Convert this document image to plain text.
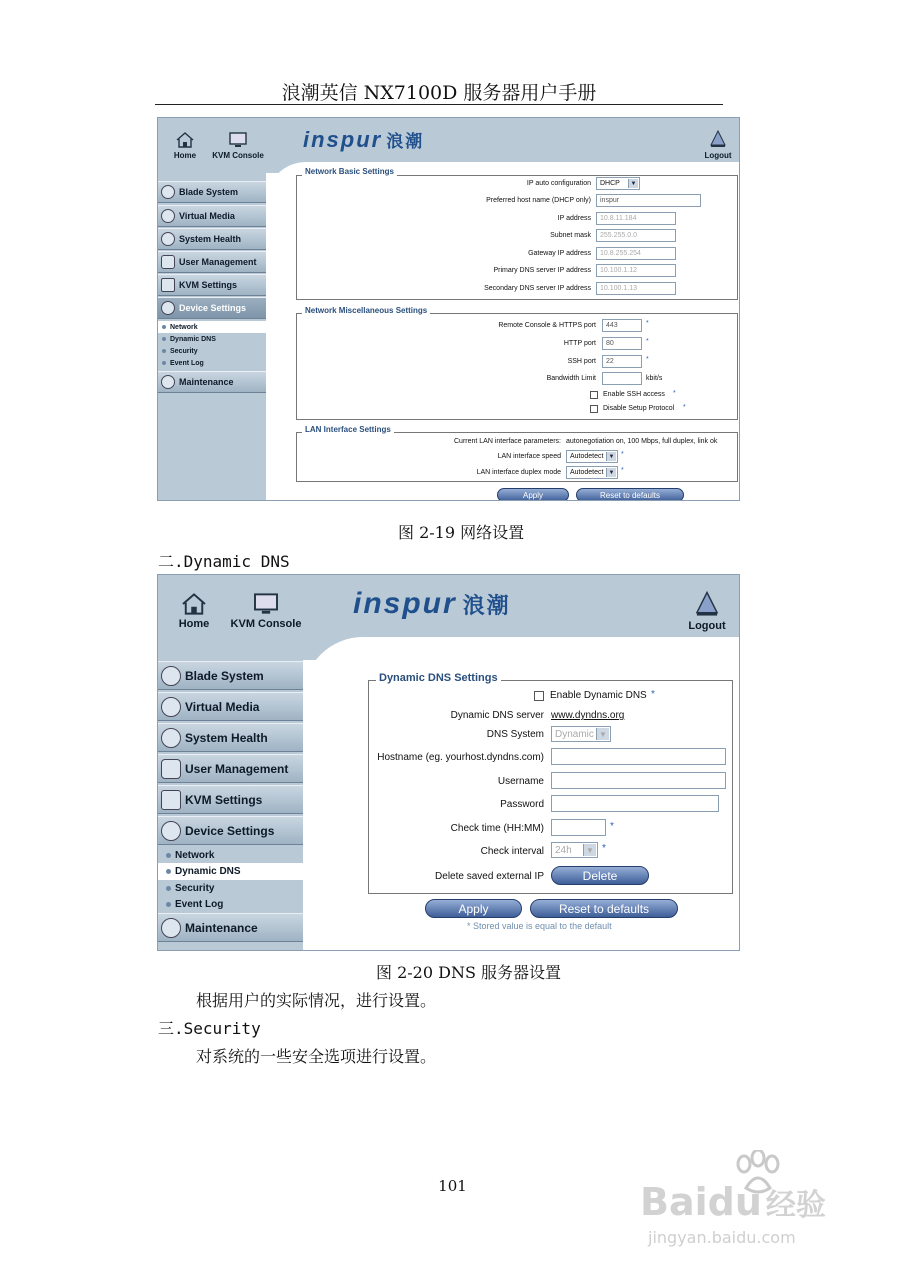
浪潮英信 NX7100D 服务器用户手册
Home	KVM Console
inspur 浪潮
Logout
Blade System
Virtual Media
System Health
User Management
KVM Settings
Device Settings
Network
Dynamic DNS
Security
Event Log
Maintenance
Network Basic Settings
IP auto configuration DHCP	▼
Preferred host name (DHCP only)	inspur
IP address	10.8.11.184
Subnet mask	255.255.0.0
Gateway IP address	10.8.255.254
Primary DNS server IP address	10.100.1.12
Secondary DNS server IP address	10.100.1.13
Network Miscellaneous Settings
Remote Console & HTTPS port	443	*
HTTP port	80	*
SSH port	22	*
Bandwidth Limit	kbit/s
Enable SSH access *
Disable Setup Protocol *
LAN Interface Settings
Current LAN interface parameters: autonegotiation on, 100 Mbps, full duplex, link ok
LAN interface speed Autodetect ▼ *
LAN interface duplex mode Autodetect ▼ *
Apply	Reset to defaults
图 2-19 网络设置
二.Dynamic DNS
Home	KVM Console
inspur 浪潮
Logout
Blade System
Virtual Media
System Health
User Management
KVM Settings
Device Settings
Network
Dynamic DNS
Security
Event Log
Maintenance
Dynamic DNS Settings
Enable Dynamic DNS *
Dynamic DNS server www.dyndns.org
DNS System Dynamic ▼
Hostname (eg. yourhost.dyndns.com)
Username
Password
Check time (HH:MM)	*
Check interval 24h	▼ *
Delete saved external IP	Delete
Apply	Reset to defaults
* Stored value is equal to the default
图 2-20 DNS 服务器设置
根据用户的实际情况，进行设置。
三.Security
对系统的一些安全选项进行设置。
101	Baidu 经验
jingyan.baidu.com
